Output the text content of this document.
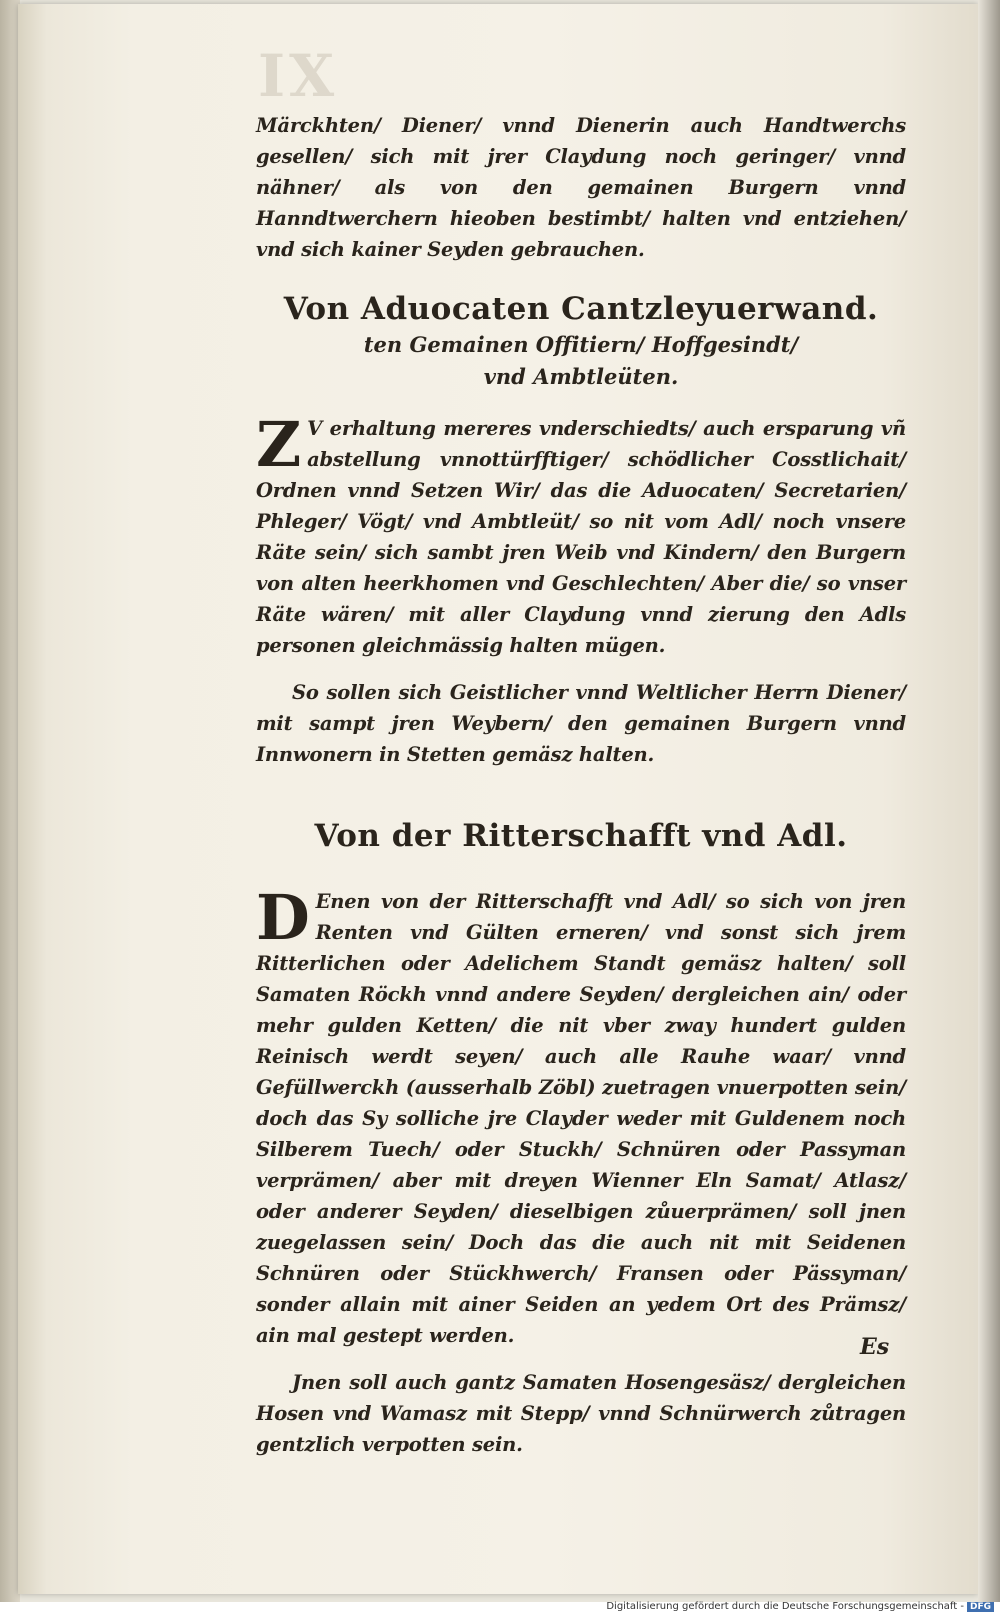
IX

Märckhten/ Diener/ vnnd Dienerin auch Handtwerchs gesellen/ sich mit jrer Claydung noch geringer/ vnnd nähner/ als von den gemainen Burgern vnnd Hanndtwerchern hieoben bestimbt/ halten vnd entziehen/ vnd sich kainer Seyden gebrauchen.

Von Aduocaten Cantzleyuerwand.

ten Gemainen Offitiern/ Hoffgesindt/

vnd Ambtleüten.

Z V erhaltung mereres vnderschiedts/ auch ersparung vñ abstellung vnnottürfftiger/ schödlicher Cosstlichait/ Ordnen vnnd Setzen Wir/ das die Aduocaten/ Secretarien/ Phleger/ Vögt/ vnd Ambtleüt/ so nit vom Adl/ noch vnsere Räte sein/ sich sambt jren Weib vnd Kindern/ den Burgern von alten heerkhomen vnd Geschlechten/ Aber die/ so vnser Räte wären/ mit aller Claydung vnnd zierung den Adls personen gleichmässig halten mügen.

So sollen sich Geistlicher vnnd Weltlicher Herrn Diener/ mit sampt jren Weybern/ den gemainen Burgern vnnd Innwonern in Stetten gemäsz halten.

Von der Ritterschafft vnd Adl.

D Enen von der Ritterschafft vnd Adl/ so sich von jren Renten vnd Gülten erneren/ vnd sonst sich jrem Ritterlichen oder Adelichem Standt gemäsz halten/ soll Samaten Röckh vnnd andere Seyden/ dergleichen ain/ oder mehr gulden Ketten/ die nit vber zway hundert gulden Reinisch werdt seyen/ auch alle Rauhe waar/ vnnd Gefüllwerckh (ausserhalb Zöbl) zuetragen vnuerpotten sein/ doch das Sy solliche jre Clayder weder mit Guldenem noch Silberem Tuech/ oder Stuckh/ Schnüren oder Passyman verprämen/ aber mit dreyen Wienner Eln Samat/ Atlasz/ oder anderer Seyden/ dieselbigen zůuerprämen/ soll jnen zuegelassen sein/ Doch das die auch nit mit Seidenen Schnüren oder Stückhwerch/ Fransen oder Pässyman/ sonder allain mit ainer Seiden an yedem Ort des Prämsz/ ain mal gestept werden.

Jnen soll auch gantz Samaten Hosengesäsz/ dergleichen Hosen vnd Wamasz mit Stepp/ vnnd Schnürwerch zůtragen gentzlich verpotten sein.

Es
Digitalisierung gefördert durch die Deutsche Forschungsgemeinschaft - DFG
